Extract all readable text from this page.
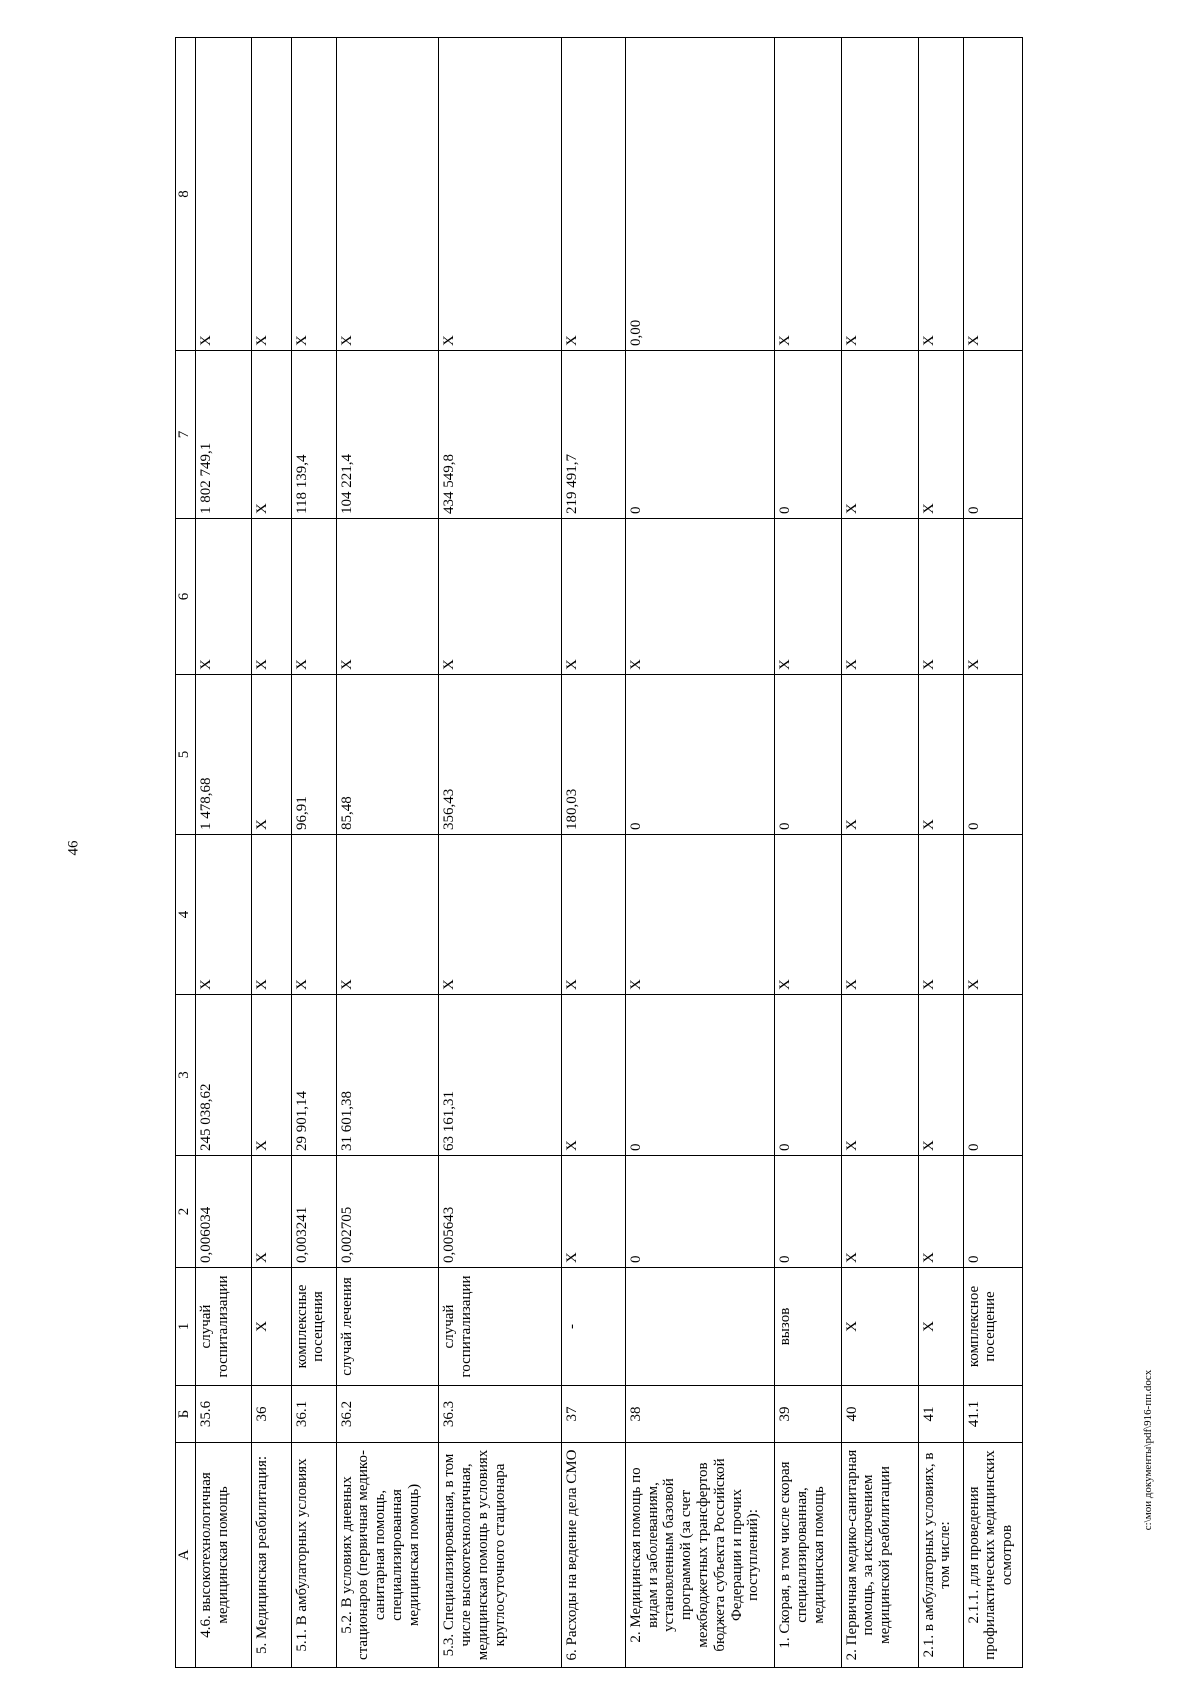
46
А	Б	1	2	3	4	5	6	7	8
4.6. высокотехнологичная медицинская помощь	35.6	случай госпитализации	0,006034	245 038,62	X	1 478,68	X	1 802 749,1	X
5. Медицинская реабилитация:	36	X	X	X	X	X	X	X	X
5.1. В амбулаторных условиях	36.1	комплексные посещения	0,003241	29 901,14	X	96,91	X	118 139,4	X
5.2. В условиях дневных стационаров (первичная медико-санитарная помощь, специализированная медицинская помощь)	36.2	случай лечения	0,002705	31 601,38	X	85,48	X	104 221,4	X
5.3. Специализированная, в том числе высокотехнологичная, медицинская помощь в условиях круглосуточного стационара	36.3	случай госпитализации	0,005643	63 161,31	X	356,43	X	434 549,8	X
6. Расходы на ведение дела СМО	37	-	X	X	X	180,03	X	219 491,7	X
2. Медицинская помощь по видам и заболеваниям, установленным базовой программой (за счет межбюджетных трансфертов бюджета субъекта Российской Федерации и прочих поступлений):	38		0	0	X	0	X	0	0,00
1. Скорая, в том числе скорая специализированная, медицинская помощь	39	вызов	0	0	X	0	X	0	X
2. Первичная медико-санитарная помощь, за исключением медицинской реабилитации	40	X	X	X	X	X	X	X	X
2.1. в амбулаторных условиях, в том числе:	41	X	X	X	X	X	X	X	X
2.1.1. для проведения профилактических медицинских осмотров	41.1	комплексное посещение	0	0	X	0	X	0	X
c:\мои документы\pdf\916-пп.docx
